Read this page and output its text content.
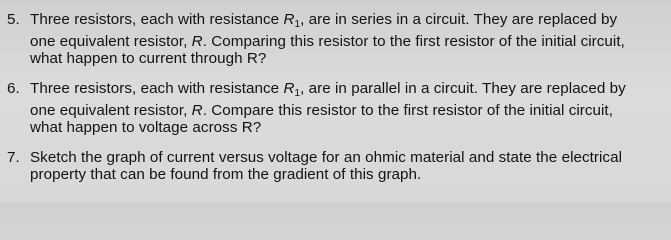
5. Three resistors, each with resistance $R_1$, are in series in a circuit. They are replaced by
one equivalent resistor, R. Comparing this resistor to the first resistor of the initial circuit,
what happen to current through R?
6. Three resistors, each with resistance $R_1$, are in parallel in a circuit. They are replaced by
one equivalent resistor, R. Compare this resistor to the first resistor of the initial circuit,
what happen to voltage across R?
7. Sketch the graph of current versus voltage for an ohmic material and state the electrical
property that can be found from the gradient of this graph.
